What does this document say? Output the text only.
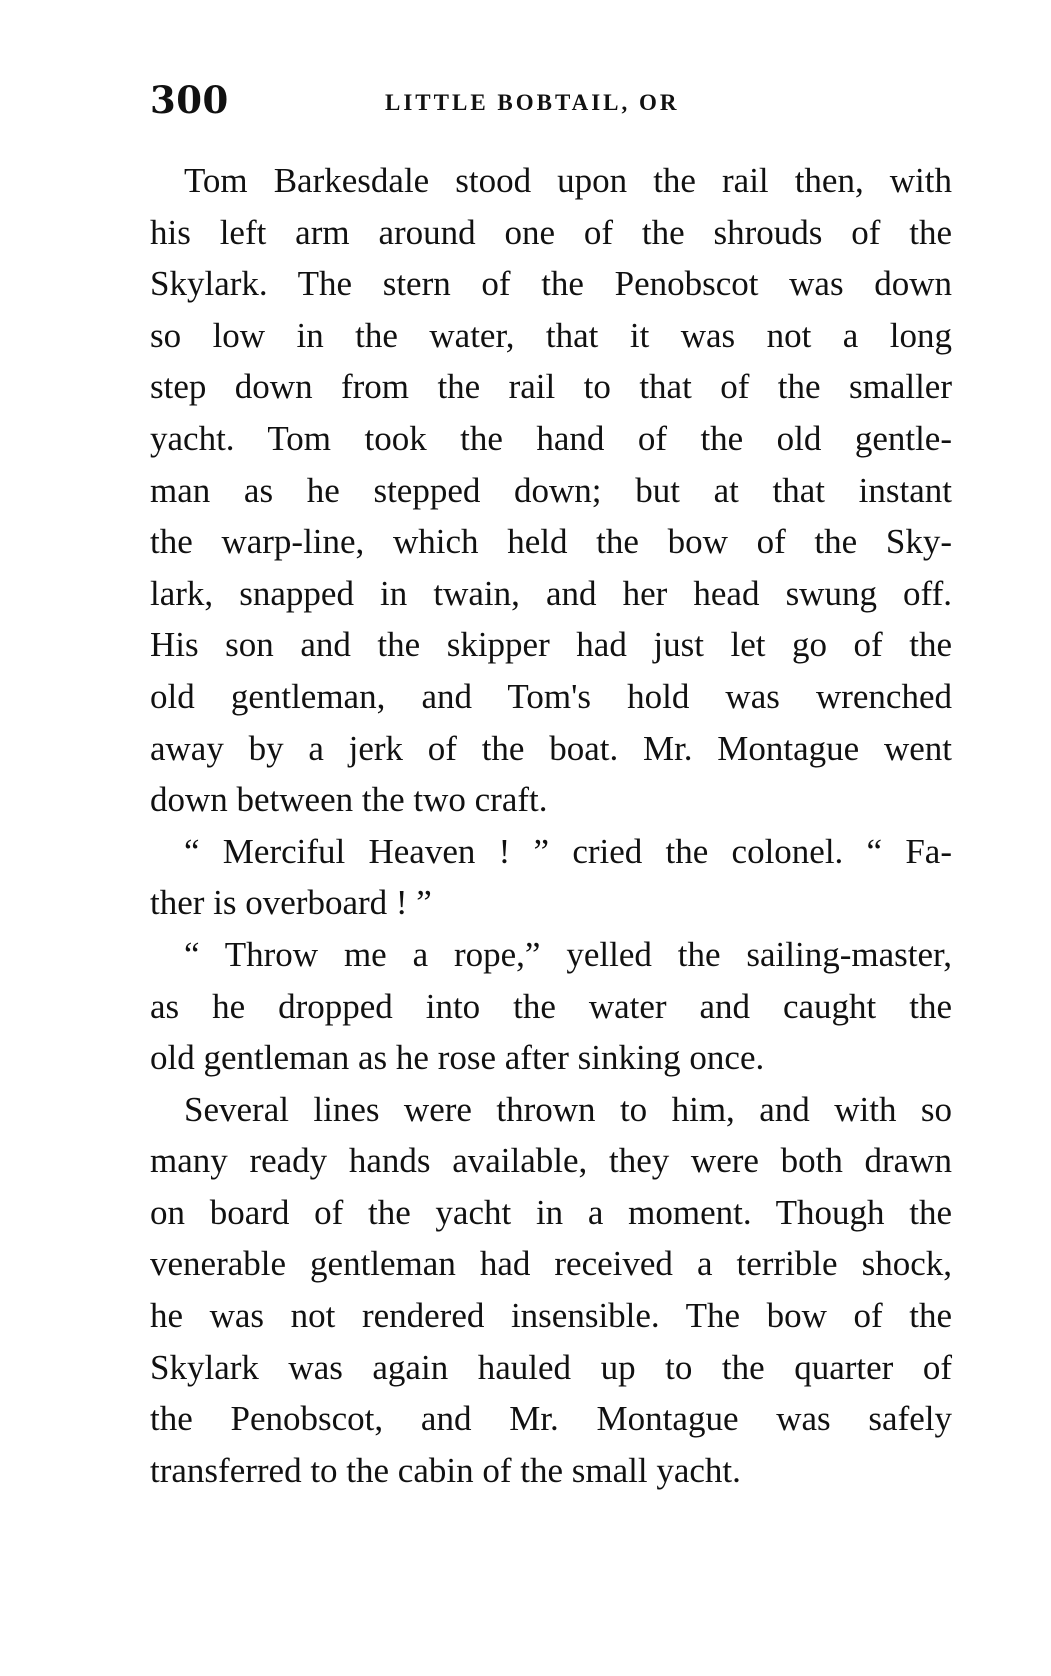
300	LITTLE BOBTAIL, OR
Tom Barkesdale stood upon the rail then, with
his left arm around one of the shrouds of the
Skylark. The stern of the Penobscot was down
so low in the water, that it was not a long
step down from the rail to that of the smaller
yacht. Tom took the hand of the old gentle-
man as he stepped down; but at that instant
the warp-line, which held the bow of the Sky-
lark, snapped in twain, and her head swung off.
His son and the skipper had just let go of the
old gentleman, and Tom's hold was wrenched
away by a jerk of the boat. Mr. Montague went
down between the two craft.
“ Merciful Heaven ! ” cried the colonel. “ Fa-
ther is overboard ! ”
“ Throw me a rope,” yelled the sailing-master,
as he dropped into the water and caught the
old gentleman as he rose after sinking once.
Several lines were thrown to him, and with so
many ready hands available, they were both drawn
on board of the yacht in a moment. Though the
venerable gentleman had received a terrible shock,
he was not rendered insensible. The bow of the
Skylark was again hauled up to the quarter of
the Penobscot, and Mr. Montague was safely
transferred to the cabin of the small yacht.
